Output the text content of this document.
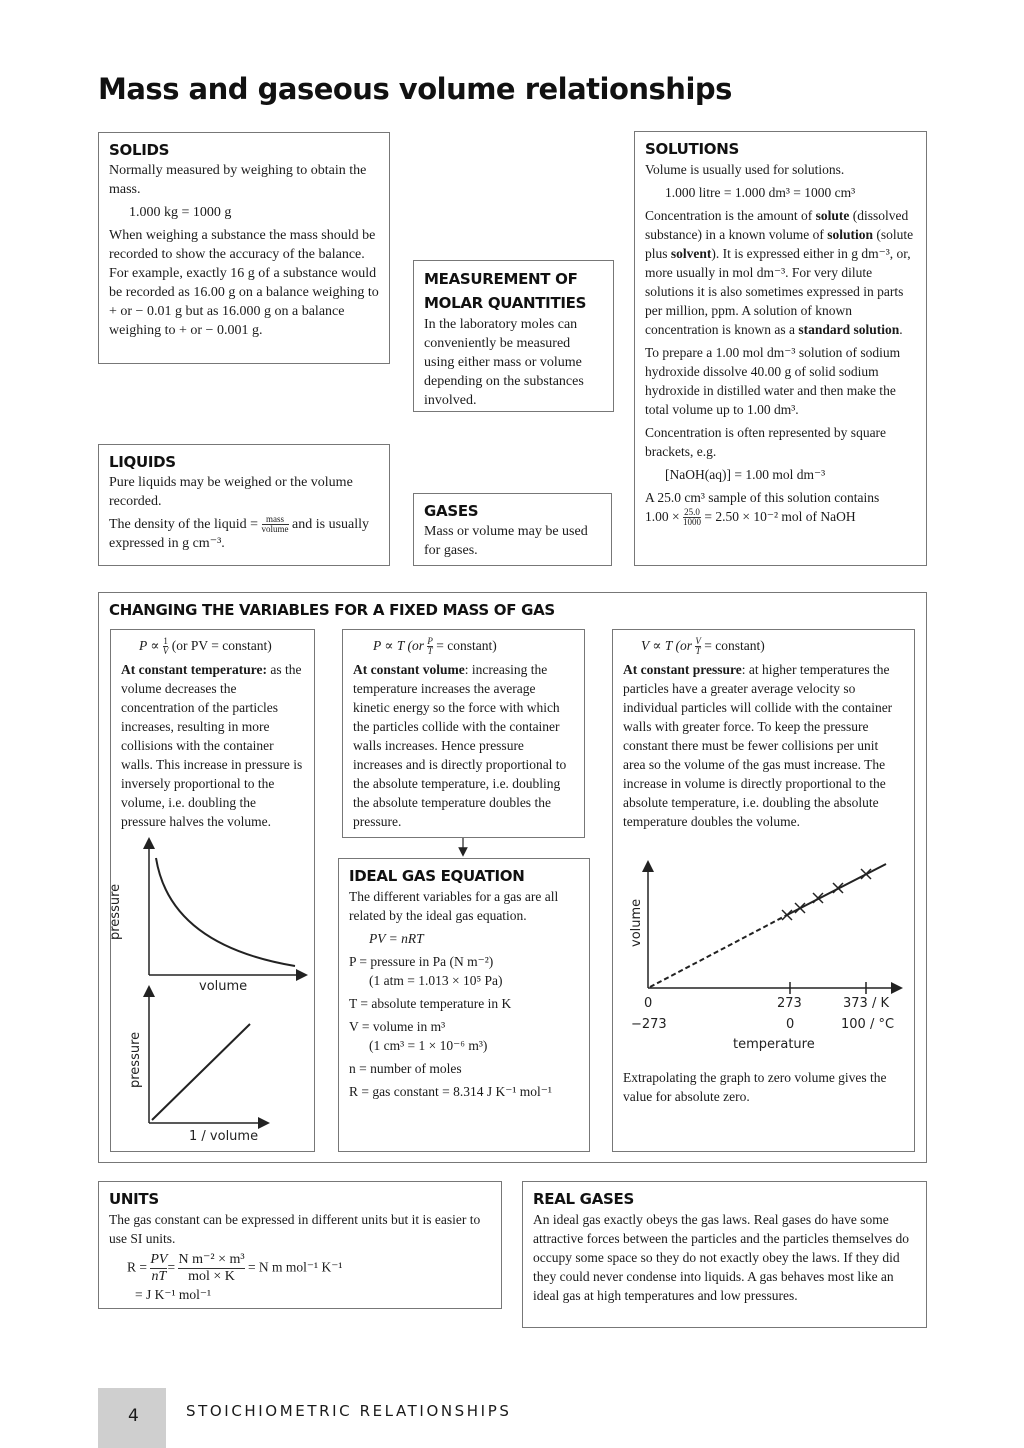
Mass and gaseous volume relationships
SOLIDS

Normally measured by weighing to obtain the mass.

1.000 kg = 1000 g

When weighing a substance the mass should be recorded to show the accuracy of the balance. For example, exactly 16 g of a substance would be recorded as 16.00 g on a balance weighing to + or − 0.01 g but as 16.000 g on a balance weighing to + or − 0.001 g.

LIQUIDS

Pure liquids may be weighed or the volume recorded.

The density of the liquid = $\frac{\text{mass}}{\text{volume}}$ and is usually expressed in g cm⁻³.

MEASUREMENT OF MOLAR QUANTITIES

In the laboratory moles can conveniently be measured using either mass or volume depending on the substances involved.

GASES

Mass or volume may be used for gases.

SOLUTIONS

Volume is usually used for solutions.

1.000 litre = 1.000 dm³ = 1000 cm³

Concentration is the amount of solute (dissolved substance) in a known volume of solution (solute plus solvent). It is expressed either in g dm⁻³, or, more usually in mol dm⁻³. For very dilute solutions it is also sometimes expressed in parts per million, ppm. A solution of known concentration is known as a standard solution.

To prepare a 1.00 mol dm⁻³ solution of sodium hydroxide dissolve 40.00 g of solid sodium hydroxide in distilled water and then make the total volume up to 1.00 dm³.

Concentration is often represented by square brackets, e.g.

[NaOH(aq)] = 1.00 mol dm⁻³

A 25.0 cm³ sample of this solution contains

$1.00 \times \frac{25.0}{1000} = 2.50 \times 10^{-2}$ mol of NaOH

CHANGING THE VARIABLES FOR A FIXED MASS OF GAS

$P \propto \frac{1}{V} (or$ PV = constant)

At constant temperature: as the volume decreases the concentration of the particles increases, resulting in more collisions with the container walls. This increase in pressure is inversely proportional to the volume, i.e. doubling the pressure halves the volume.

P ∝ T ($or \frac{P}{T}$ = constant)

At constant volume: increasing the temperature increases the average kinetic energy so the force with which the particles collide with the container walls increases. Hence pressure increases and is directly proportional to the absolute temperature, i.e. doubling the absolute temperature doubles the pressure.

IDEAL GAS EQUATION

The different variables for a gas are all related by the ideal gas equation.

PV = nRT

P = pressure in Pa (N m⁻²)

(1 atm = 1.013 × 10⁵ Pa)

T = absolute temperature in K

V = volume in m³

(1 cm³ = 1 × 10⁻⁶ m³)

n = number of moles

R = gas constant = 8.314 J K⁻¹ mol⁻¹

V ∝ T ($or \frac{V}{T}$ = constant)

At constant pressure: at higher temperatures the particles have a greater average velocity so individual particles will collide with the container walls with greater force. To keep the pressure constant there must be fewer collisions per unit area so the volume of the gas must increase. The increase in volume is directly proportional to the absolute temperature, i.e. doubling the absolute temperature doubles the volume.

Extrapolating the graph to zero volume gives the value for absolute zero.
pressure
volume
pressure
1 / volume
volume
0	273	373 / K
−273	0	100 / °C
temperature
UNITS

The gas constant can be expressed in different units but it is easier to use SI units.

$R = \frac{PV}{nT}$ =
N m⁻² × m³
mol × K
= N m mol⁻¹ K⁻¹

= J K⁻¹ mol⁻¹

REAL GASES

An ideal gas exactly obeys the gas laws. Real gases do have some attractive forces between the particles and the particles themselves do occupy some space so they do not exactly obey the laws. If they did they could never condense into liquids. A gas behaves most like an ideal gas at high temperatures and low pressures.

4	STOICHIOMETRIC RELATIONSHIPS
